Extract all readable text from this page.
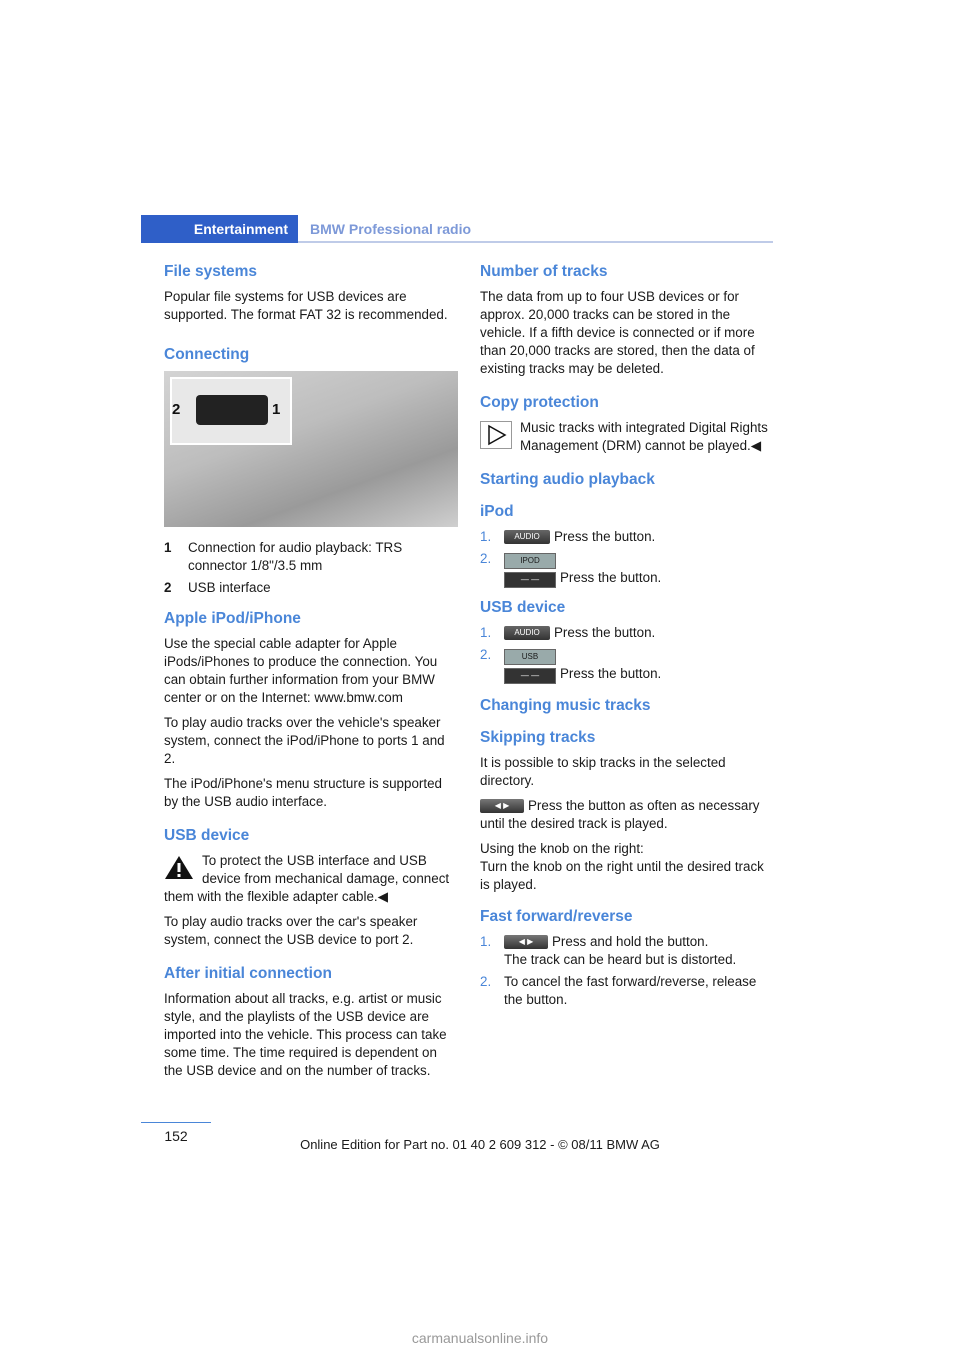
Entertainment	BMW Professional radio
File systems

Popular file systems for USB devices are supported. The format FAT 32 is recommended.

Connecting
2	1
1	Connection for audio playback: TRS connector 1/8"/3.5 mm
2	USB interface
Apple iPod/iPhone

Use the special cable adapter for Apple iPods/iPhones to produce the connection. You can obtain further information from your BMW center or on the Internet: www.bmw.com

To play audio tracks over the vehicle's speaker system, connect the iPod/iPhone to ports 1 and 2.

The iPod/iPhone's menu structure is supported by the USB audio interface.

USB device

To protect the USB interface and USB device from mechanical damage, connect them with the flexible adapter cable.◀

To play audio tracks over the car's speaker system, connect the USB device to port 2.

After initial connection

Information about all tracks, e.g. artist or music style, and the playlists of the USB device are imported into the vehicle. This process can take some time. The time required is dependent on the USB device and on the number of tracks.

Number of tracks

The data from up to four USB devices or for approx. 20,000 tracks can be stored in the vehicle. If a fifth device is connected or if more than 20,000 tracks are stored, then the data of existing tracks may be deleted.

Copy protection

Music tracks with integrated Digital Rights Management (DRM) cannot be played.◀

Starting audio playback
iPod
1.	AUDIO Press the button.
2.	IPOD
— — Press the button.
USB device
1.	AUDIO Press the button.
2.	USB
— — Press the button.
Changing music tracks
Skipping tracks

It is possible to skip tracks in the selected directory.

◀ ▶ Press the button as often as necessary until the desired track is played.

Using the knob on the right:
Turn the knob on the right until the desired track is played.

Fast forward/reverse
1.	◀ ▶ Press and hold the button.
The track can be heard but is distorted.
2. To cancel the fast forward/reverse, release the button.
152
Online Edition for Part no. 01 40 2 609 312 - © 08/11 BMW AG
carmanualsonline.info
